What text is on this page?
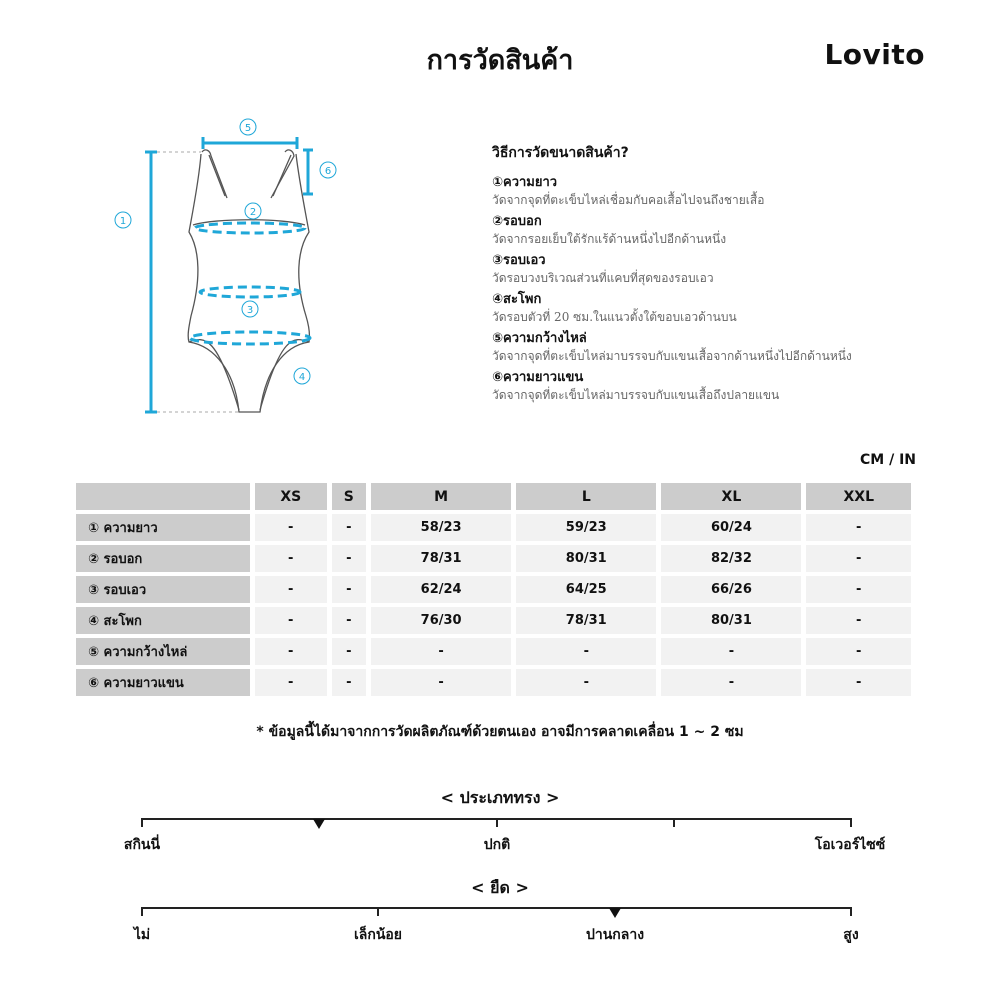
การวัดสินค้า	Lovito
1
2
3
4
5
6
วิธีการวัดขนาดสินค้า?
①ความยาว
วัดจากจุดที่ตะเข็บไหล่เชื่อมกับคอเสื้อไปจนถึงชายเสื้อ
②รอบอก
วัดจากรอยเย็บใต้รักแร้ด้านหนึ่งไปอีกด้านหนึ่ง
③รอบเอว
วัดรอบวงบริเวณส่วนที่แคบที่สุดของรอบเอว
④สะโพก
วัดรอบตัวที่ 20 ซม.ในแนวตั้งใต้ขอบเอวด้านบน
⑤ความกว้างไหล่
วัดจากจุดที่ตะเข็บไหล่มาบรรจบกับแขนเสื้อจากด้านหนึ่งไปอีกด้านหนึ่ง
⑥ความยาวแขน
วัดจากจุดที่ตะเข็บไหล่มาบรรจบกับแขนเสื้อถึงปลายแขน
CM / IN
	XS	S	M	L	XL	XXL
① ความยาว	-	-	58/23	59/23	60/24	-
② รอบอก	-	-	78/31	80/31	82/32	-
③ รอบเอว	-	-	62/24	64/25	66/26	-
④ สะโพก	-	-	76/30	78/31	80/31	-
⑤ ความกว้างไหล่	-	-	-	-	-	-
⑥ ความยาวแขน	-	-	-	-	-	-
* ข้อมูลนี้ได้มาจากการวัดผลิตภัณฑ์ด้วยตนเอง อาจมีการคลาดเคลื่อน 1 ~ 2 ซม
< ประเภททรง >
สกินนี่	ปกติ	โอเวอร์ไซซ์
< ยืด >
ไม่	เล็กน้อย	ปานกลาง	สูง
